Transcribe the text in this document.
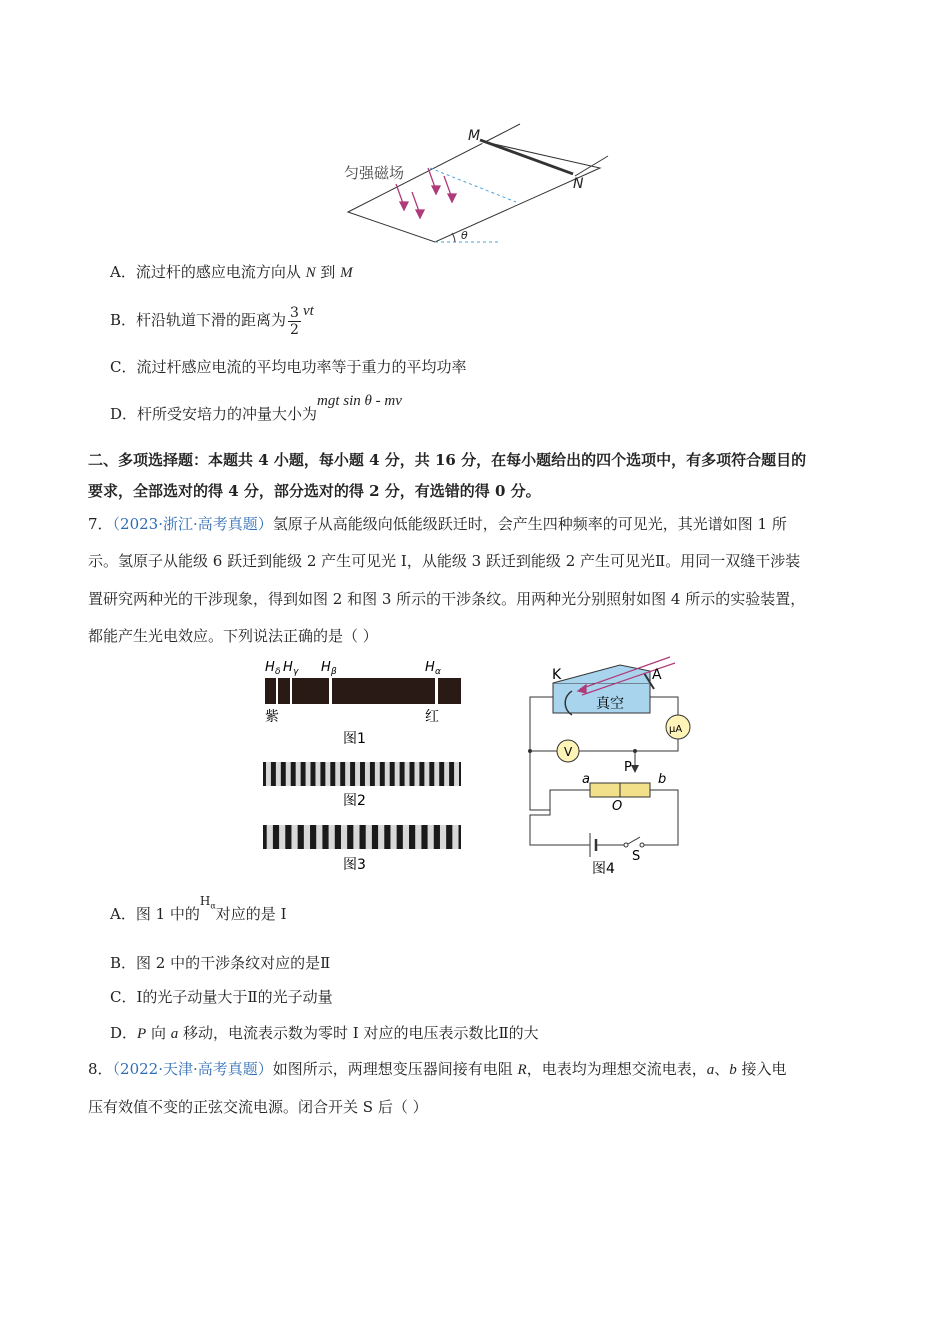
匀强磁场
M
N
θ
A．流过杆的感应电流方向从 N 到 M
B．杆沿轨道下滑的距离为 $\frac{3}{2}$ vt
C．流过杆感应电流的平均电功率等于重力的平均功率
D．杆所受安培力的冲量大小为mgt sin θ - mv
二、多项选择题：本题共 4 小题，每小题 4 分，共 16 分，在每小题给出的四个选项中，有多项符合题目的
要求，全部选对的得 4 分，部分选对的得 2 分，有选错的得 0 分。
7．（2023·浙江·高考真题）氢原子从高能级向低能级跃迁时，会产生四种频率的可见光，其光谱如图 1 所
示。氢原子从能级 6 跃迁到能级 2 产生可见光 I，从能级 3 跃迁到能级 2 产生可见光Ⅱ。用同一双缝干涉装
置研究两种光的干涉现象，得到如图 2 和图 3 所示的干涉条纹。用两种光分别照射如图 4 所示的实验装置，
都能产生光电效应。下列说法正确的是（ ）
H δ H γ H β	H α
紫	红
图1
图2
图3
K	A
真空
μA
V
P
a	b
O
S
图4
A．图 1 中的$^{H_\alpha}$对应的是 I
B．图 2 中的干涉条纹对应的是Ⅱ
C．Ⅰ的光子动量大于Ⅱ的光子动量
D．P 向 a 移动，电流表示数为零时 I 对应的电压表示数比Ⅱ的大
8．（2022·天津·高考真题）如图所示，两理想变压器间接有电阻 R，电表均为理想交流电表，a、b 接入电
压有效值不变的正弦交流电源。闭合开关 S 后（ ）
